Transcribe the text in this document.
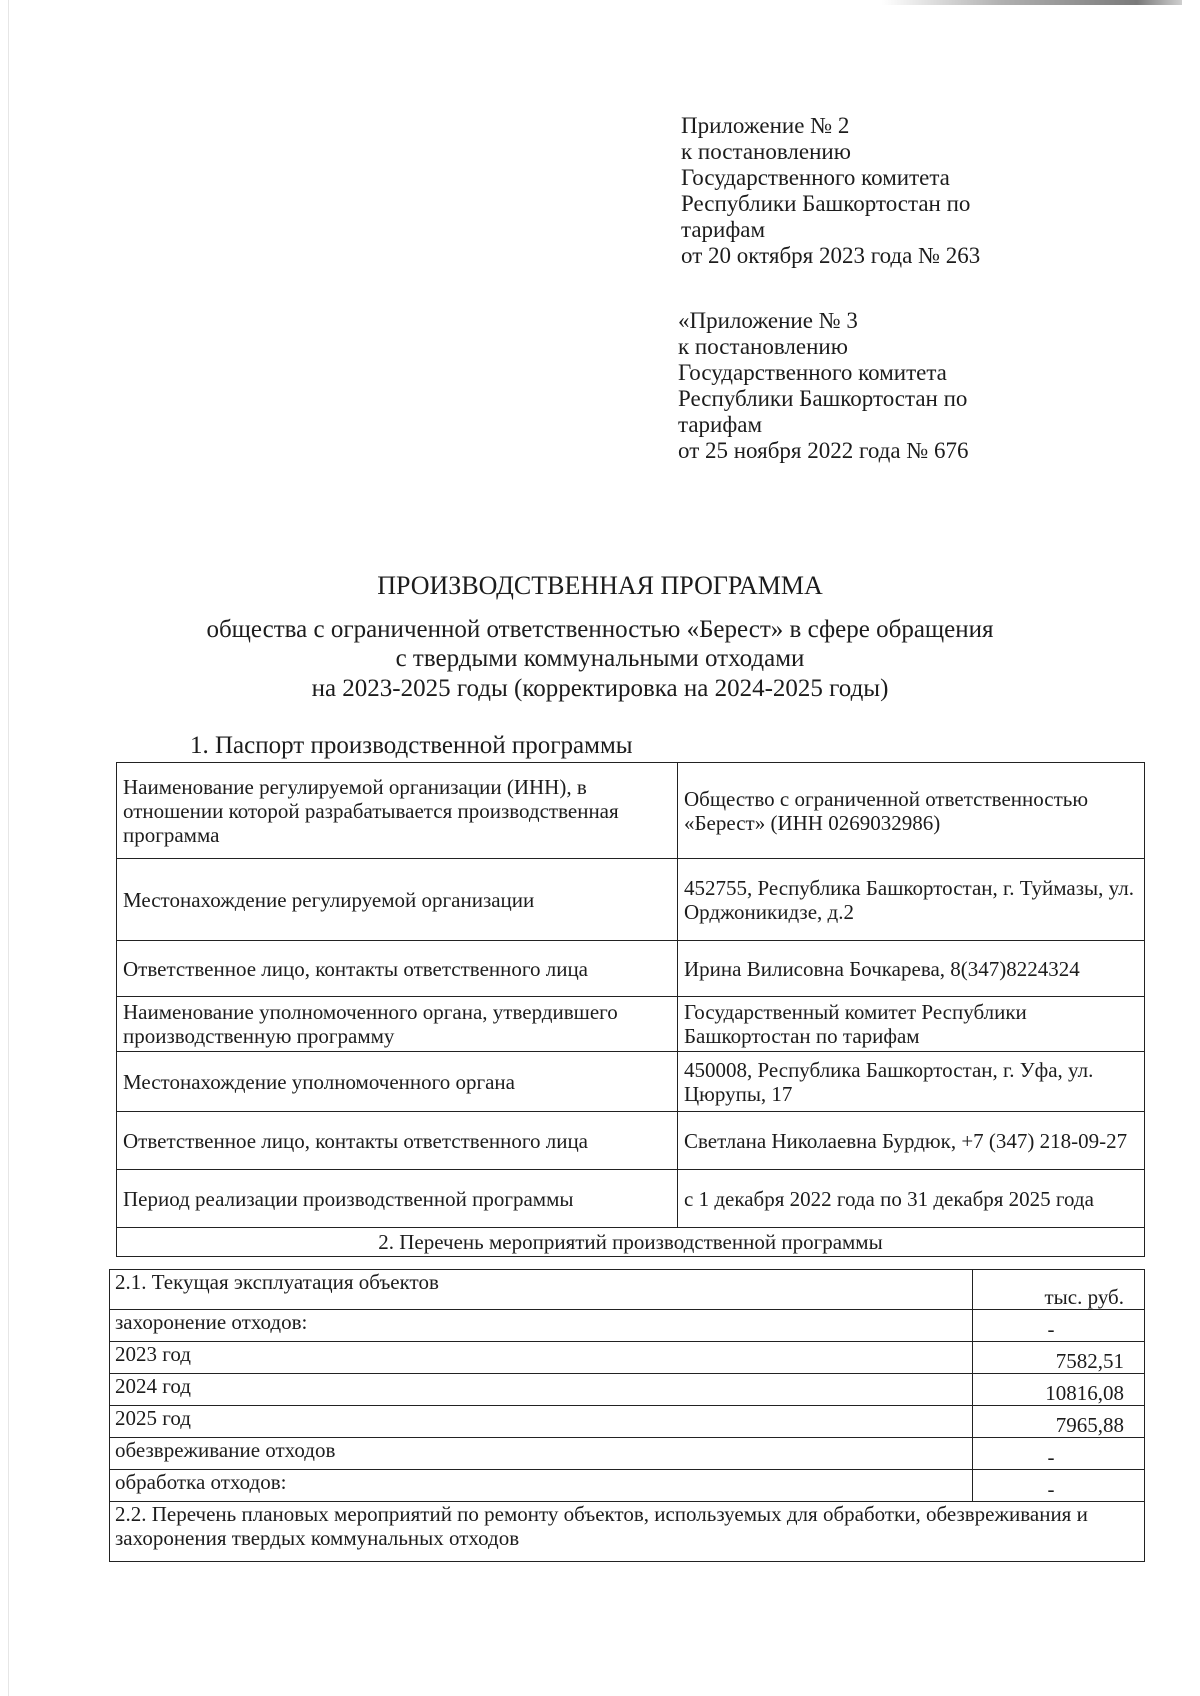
Приложение № 2
к постановлению
Государственного комитета
Республики Башкортостан по
тарифам
от 20 октября 2023 года № 263
«Приложение № 3
к постановлению
Государственного комитета
Республики Башкортостан по
тарифам
от 25 ноября 2022 года № 676
ПРОИЗВОДСТВЕННАЯ ПРОГРАММА
общества с ограниченной ответственностью «Берест» в сфере обращения
с твердыми коммунальными отходами
на 2023-2025 годы (корректировка на 2024-2025 годы)
1. Паспорт производственной программы
Наименование регулируемой организации (ИНН), в отношении которой разрабатывается производственная программа	Общество с ограниченной ответственностью «Берест» (ИНН 0269032986)
Местонахождение регулируемой организации	452755, Республика Башкортостан, г. Туймазы, ул. Орджоникидзе, д.2
Ответственное лицо, контакты ответственного лица	Ирина Вилисовна Бочкарева, 8(347)8224324
Наименование уполномоченного органа, утвердившего производственную программу	Государственный комитет Республики Башкортостан по тарифам
Местонахождение уполномоченного органа	450008, Республика Башкортостан, г. Уфа, ул. Цюрупы, 17
Ответственное лицо, контакты ответственного лица	Светлана Николаевна Бурдюк, +7 (347) 218-09-27
Период реализации производственной программы	с 1 декабря 2022 года по 31 декабря 2025 года
2. Перечень мероприятий производственной программы	
2.1. Текущая эксплуатация объектов	тыс. руб.
захоронение отходов:	-
2023 год	7582,51
2024 год	10816,08
2025 год	7965,88
обезвреживание отходов	-
обработка отходов:	-
2.2. Перечень плановых мероприятий по ремонту объектов, используемых для обработки, обезвреживания и захоронения твердых коммунальных отходов	
